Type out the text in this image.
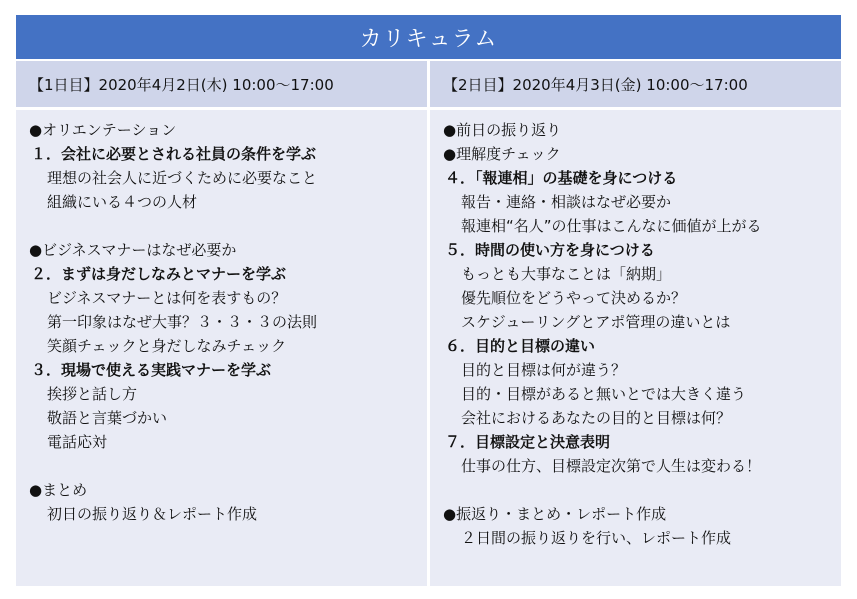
カリキュラム
【1日目】2020年4月2日(木) 10:00〜17:00
●オリエンテーション
１．会社に必要とされる社員の条件を学ぶ
理想の社会人に近づくために必要なこと
組織にいる４つの人材
●ビジネスマナーはなぜ必要か
２．まずは身だしなみとマナーを学ぶ
ビジネスマナーとは何を表すもの？
第一印象はなぜ大事？３・３・３の法則
笑顔チェックと身だしなみチェック
３．現場で使える実践マナーを学ぶ
挨拶と話し方
敬語と言葉づかい
電話応対
●まとめ
初日の振り返り＆レポート作成
【2日目】2020年4月3日(金) 10:00〜17:00
●前日の振り返り
●理解度チェック
４．「報連相」の基礎を身につける
報告・連絡・相談はなぜ必要か
報連相“名人”の仕事はこんなに価値が上がる
５．時間の使い方を身につける
もっとも大事なことは「納期」
優先順位をどうやって決めるか？
スケジューリングとアポ管理の違いとは
６．目的と目標の違い
目的と目標は何が違う？
目的・目標があると無いとでは大きく違う
会社におけるあなたの目的と目標は何？
７．目標設定と決意表明
仕事の仕方、目標設定次第で人生は変わる！
●振返り・まとめ・レポート作成
２日間の振り返りを行い、レポート作成
